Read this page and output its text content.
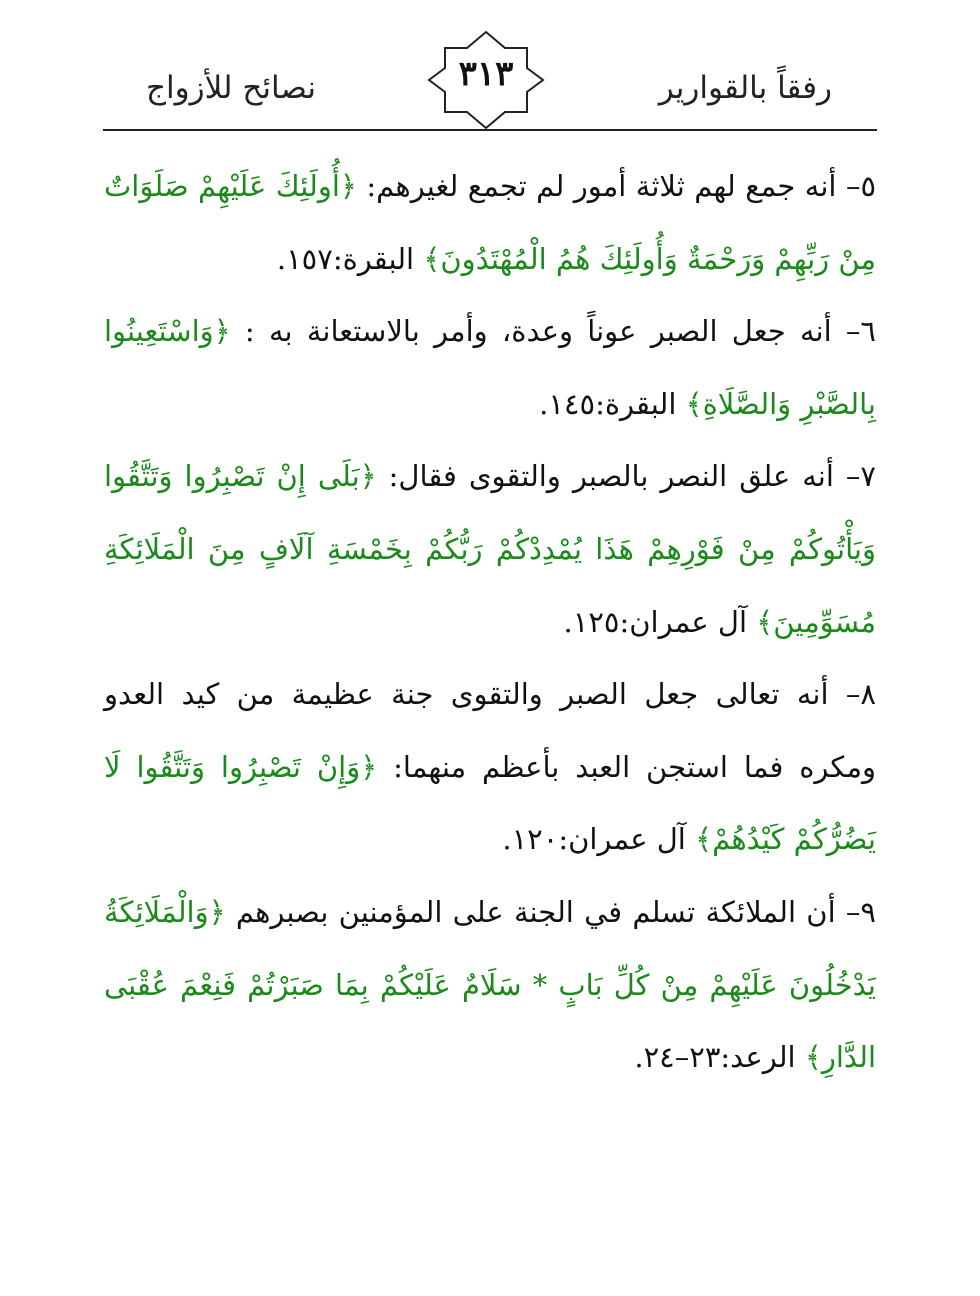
رفقاً بالقوارير
٣١٣
نصائح للأزواج

٥– أنه جمع لهم ثلاثة أمور لم تجمع لغيرهم: ﴿أُولَئِكَ عَلَيْهِمْ صَلَوَاتٌ مِنْ رَبِّهِمْ وَرَحْمَةٌ وَأُولَئِكَ هُمُ الْمُهْتَدُونَ﴾ البقرة:١٥٧.

٦– أنه جعل الصبر عوناً وعدة، وأمر بالاستعانة به : ﴿وَاسْتَعِينُوا بِالصَّبْرِ وَالصَّلَاةِ﴾ البقرة:١٤٥.

٧– أنه علق النصر بالصبر والتقوى فقال: ﴿بَلَى إِنْ تَصْبِرُوا وَتَتَّقُوا وَيَأْتُوكُمْ مِنْ فَوْرِهِمْ هَذَا يُمْدِدْكُمْ رَبُّكُمْ بِخَمْسَةِ آلَافٍ مِنَ الْمَلَائِكَةِ مُسَوِّمِينَ﴾ آل عمران:١٢٥.

٨– أنه تعالى جعل الصبر والتقوى جنة عظيمة من كيد العدو ومكره فما استجن العبد بأعظم منهما: ﴿وَإِنْ تَصْبِرُوا وَتَتَّقُوا لَا يَضُرُّكُمْ كَيْدُهُمْ﴾ آل عمران:١٢٠.

٩– أن الملائكة تسلم في الجنة على المؤمنين بصبرهم ﴿وَالْمَلَائِكَةُ يَدْخُلُونَ عَلَيْهِمْ مِنْ كُلِّ بَابٍ * سَلَامٌ عَلَيْكُمْ بِمَا صَبَرْتُمْ فَنِعْمَ عُقْبَى الدَّارِ﴾ الرعد:٢٣–٢٤.
